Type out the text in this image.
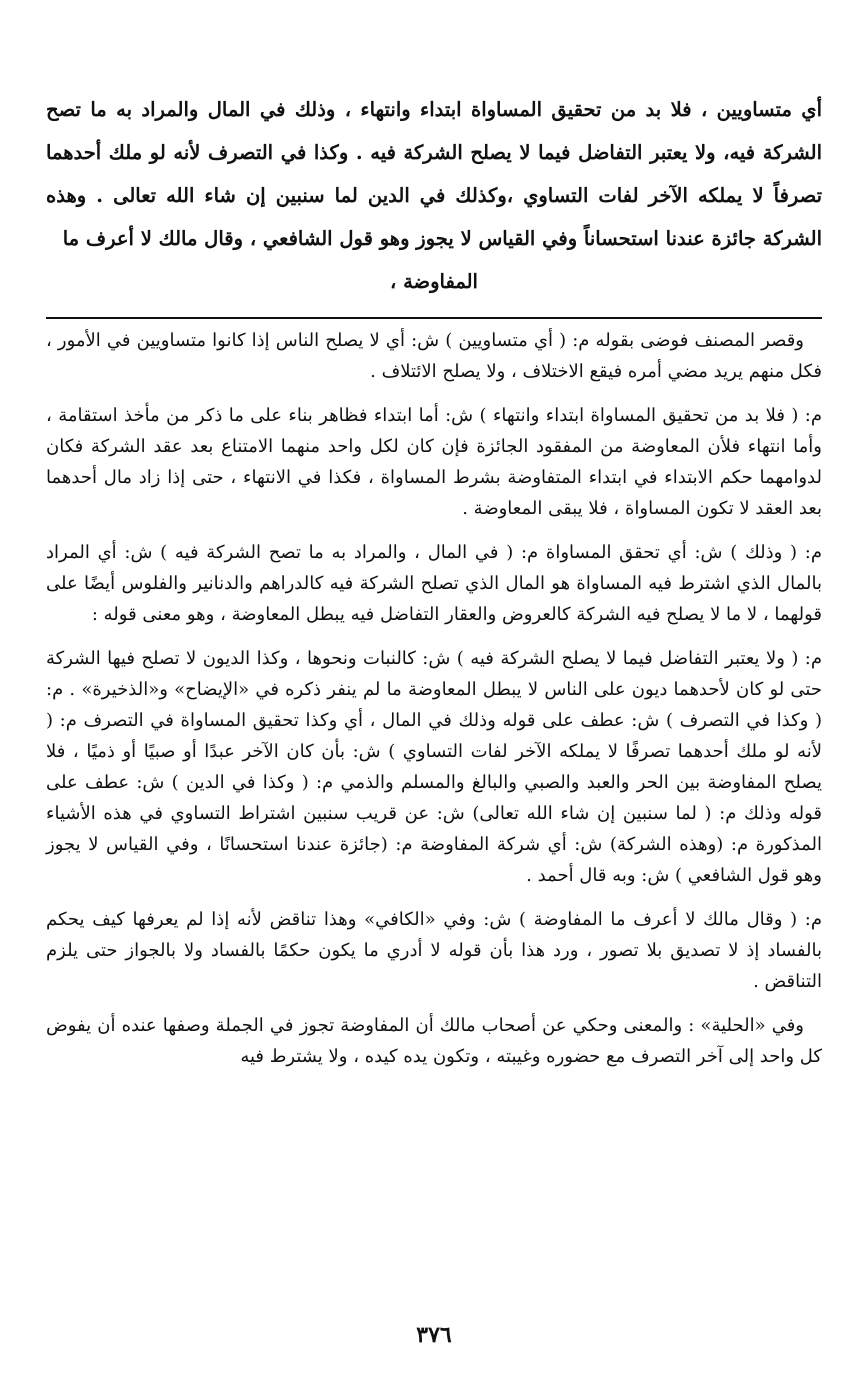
أي متساويين ، فلا بد من تحقيق المساواة ابتداء وانتهاء ، وذلك في المال والمراد به ما تصح الشركة فيه، ولا يعتبر التفاضل فيما لا يصلح الشركة فيه . وكذا في التصرف لأنه لو ملك أحدهما تصرفاً لا يملكه الآخر لفات التساوي ،وكذلك في الدين لما سنبين إن شاء الله تعالى . وهذه الشركة جائزة عندنا استحساناً وفي القياس لا يجوز وهو قول الشافعي ، وقال مالك لا أعرف ما
المفاوضة ،

وقصر المصنف فوضى بقوله م: ( أي متساويين ) ش: أي لا يصلح الناس إذا كانوا متساويين في الأمور ، فكل منهم يريد مضي أمره فيقع الاختلاف ، ولا يصلح الائتلاف .

م: ( فلا بد من تحقيق المساواة ابتداء وانتهاء ) ش: أما ابتداء فظاهر بناء على ما ذكر من مأخذ استقامة ، وأما انتهاء فلأن المعاوضة من المفقود الجائزة فإن كان لكل واحد منهما الامتناع بعد عقد الشركة فكان لدوامهما حكم الابتداء في ابتداء المتفاوضة بشرط المساواة ، فكذا في الانتهاء ، حتى إذا زاد مال أحدهما بعد العقد لا تكون المساواة ، فلا يبقى المعاوضة .

م: ( وذلك ) ش: أي تحقق المساواة م: ( في المال ، والمراد به ما تصح الشركة فيه ) ش: أي المراد بالمال الذي اشترط فيه المساواة هو المال الذي تصلح الشركة فيه كالدراهم والدنانير والفلوس أيضًا على قولهما ، لا ما لا يصلح فيه الشركة كالعروض والعقار التفاضل فيه يبطل المعاوضة ، وهو معنى قوله :

م: ( ولا يعتبر التفاضل فيما لا يصلح الشركة فيه ) ش: كالنبات ونحوها ، وكذا الديون لا تصلح فيها الشركة حتى لو كان لأحدهما ديون على الناس لا يبطل المعاوضة ما لم ينفر ذكره في «الإيضاح» و«الذخيرة» . م: ( وكذا في التصرف ) ش: عطف على قوله وذلك في المال ، أي وكذا تحقيق المساواة في التصرف م: ( لأنه لو ملك أحدهما تصرفًا لا يملكه الآخر لفات التساوي ) ش: بأن كان الآخر عبدًا أو صبيًا أو ذميًا ، فلا يصلح المفاوضة بين الحر والعبد والصبي والبالغ والمسلم والذمي م: ( وكذا في الدين ) ش: عطف على قوله وذلك م: ( لما سنبين إن شاء الله تعالى) ش: عن قريب سنبين اشتراط التساوي في هذه الأشياء المذكورة م: (وهذه الشركة) ش: أي شركة المفاوضة م: (جائزة عندنا استحسانًا ، وفي القياس لا يجوز وهو قول الشافعي ) ش: وبه قال أحمد .

م: ( وقال مالك لا أعرف ما المفاوضة ) ش: وفي «الكافي» وهذا تناقض لأنه إذا لم يعرفها كيف يحكم بالفساد إذ لا تصديق بلا تصور ، ورد هذا بأن قوله لا أدري ما يكون حكمًا بالفساد ولا بالجواز حتى يلزم التناقض .

وفي «الحلية» : والمعنى وحكي عن أصحاب مالك أن المفاوضة تجوز في الجملة وصفها عنده أن يفوض كل واحد إلى آخر التصرف مع حضوره وغيبته ، وتكون يده كيده ، ولا يشترط فيه

٣٧٦
